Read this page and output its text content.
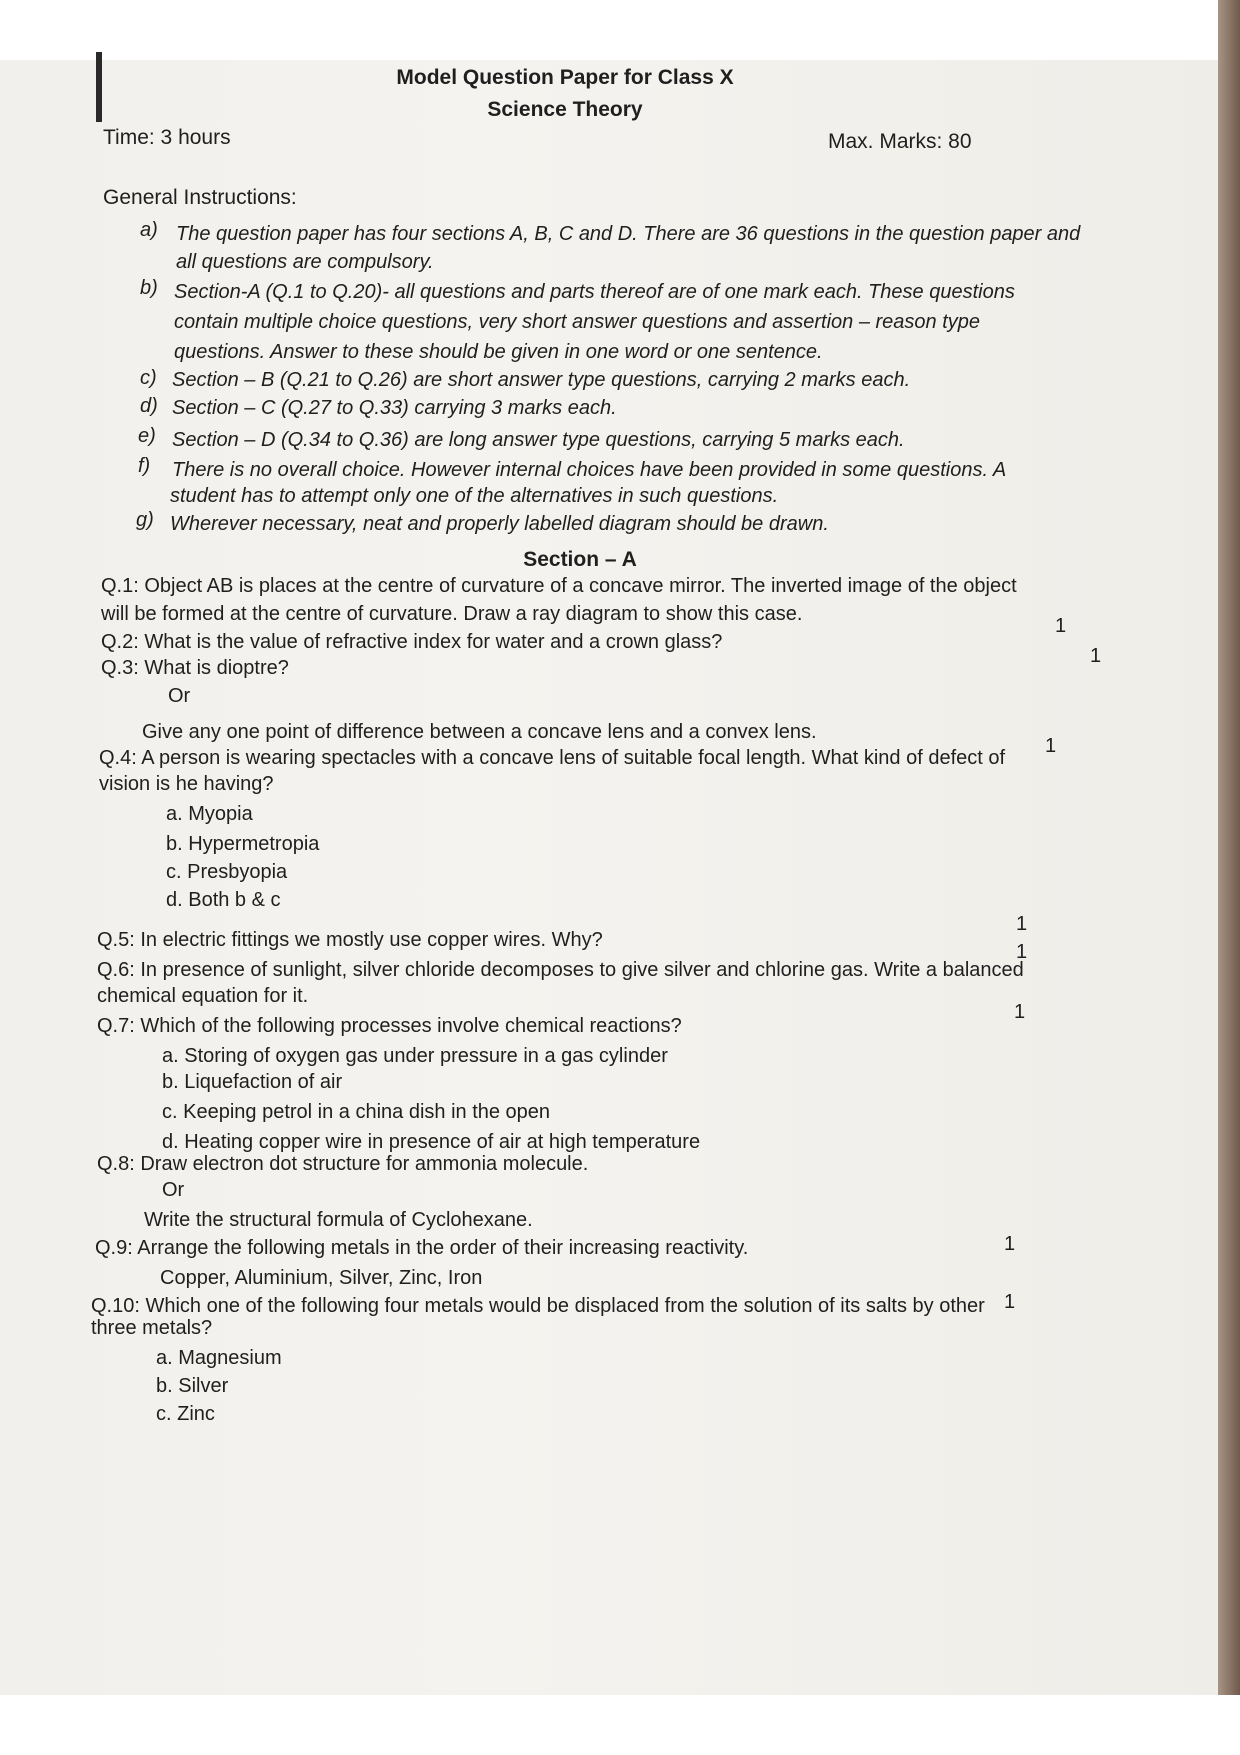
Model Question Paper for Class X
Science Theory
Time: 3 hours	Max. Marks: 80
General Instructions:
a) The question paper has four sections A, B, C and D. There are 36 questions in the question paper and
all questions are compulsory.
b) Section-A (Q.1 to Q.20)- all questions and parts thereof are of one mark each. These questions
contain multiple choice questions, very short answer questions and assertion – reason type
questions. Answer to these should be given in one word or one sentence.
c) Section – B (Q.21 to Q.26) are short answer type questions, carrying 2 marks each.
d) Section – C (Q.27 to Q.33) carrying 3 marks each.
e) Section – D (Q.34 to Q.36) are long answer type questions, carrying 5 marks each.
f) There is no overall choice. However internal choices have been provided in some questions. A
student has to attempt only one of the alternatives in such questions.
g) Wherever necessary, neat and properly labelled diagram should be drawn.
Section – A
Q.1: Object AB is places at the centre of curvature of a concave mirror. The inverted image of the object
will be formed at the centre of curvature. Draw a ray diagram to show this case.
1
Q.2: What is the value of refractive index for water and a crown glass?
1
Q.3: What is dioptre?
Or
Give any one point of difference between a concave lens and a convex lens.
1
Q.4: A person is wearing spectacles with a concave lens of suitable focal length. What kind of defect of
vision is he having?
a. Myopia
b. Hypermetropia
c. Presbyopia
d. Both b & c
1
Q.5: In electric fittings we mostly use copper wires. Why?
1
Q.6: In presence of sunlight, silver chloride decomposes to give silver and chlorine gas. Write a balanced
chemical equation for it.
1
Q.7: Which of the following processes involve chemical reactions?
a. Storing of oxygen gas under pressure in a gas cylinder
b. Liquefaction of air
c. Keeping petrol in a china dish in the open
d. Heating copper wire in presence of air at high temperature
Q.8: Draw electron dot structure for ammonia molecule.
Or
Write the structural formula of Cyclohexane.
1
Q.9: Arrange the following metals in the order of their increasing reactivity.
Copper, Aluminium, Silver, Zinc, Iron
1
Q.10: Which one of the following four metals would be displaced from the solution of its salts by other
three metals?
a. Magnesium
b. Silver
c. Zinc
